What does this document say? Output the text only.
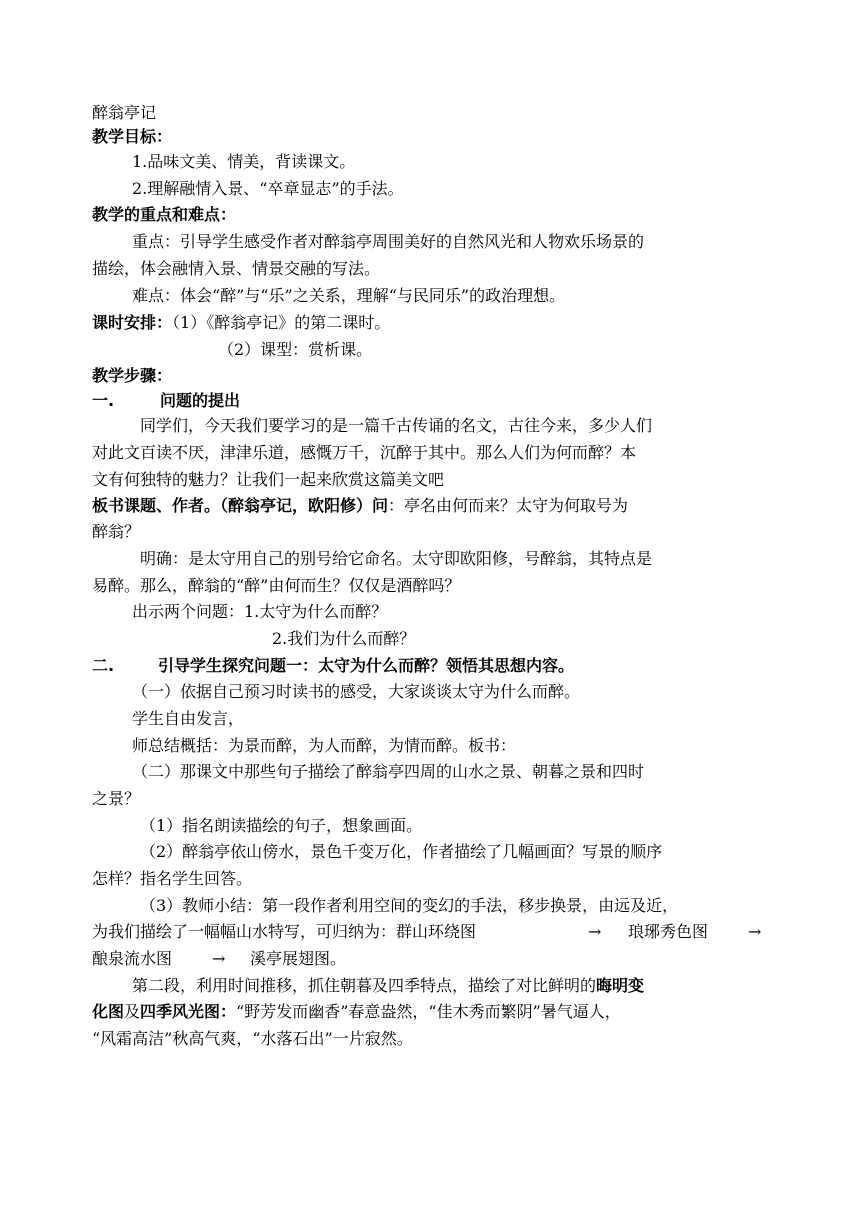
醉翁亭记
教学目标：
1.品味文美、情美，背读课文。
2.理解融情入景、“卒章显志”的手法。
教学的重点和难点：
重点：引导学生感受作者对醉翁亭周围美好的自然风光和人物欢乐场景的
描绘，体会融情入景、情景交融的写法。
难点：体会“醉”与“乐”之关系，理解“与民同乐”的政治理想。
课时安排：（1）《醉翁亭记》的第二课时。
（2）课型：赏析课。
教学步骤：
一.	问题的提出
同学们，今天我们要学习的是一篇千古传诵的名文，古往今来，多少人们
对此文百读不厌，津津乐道，感慨万千，沉醉于其中。那么人们为何而醉？本
文有何独特的魅力？让我们一起来欣赏这篇美文吧
板书课题、作者。（醉翁亭记，欧阳修）问：亭名由何而来？太守为何取号为
醉翁？
明确：是太守用自己的别号给它命名。太守即欧阳修，号醉翁，其特点是
易醉。那么，醉翁的“醉”由何而生？仅仅是酒醉吗？
出示两个问题：1.太守为什么而醉？
2.我们为什么而醉？
二.	引导学生探究问题一：太守为什么而醉？领悟其思想内容。
（一）依据自己预习时读书的感受，大家谈谈太守为什么而醉。
学生自由发言，
师总结概括：为景而醉，为人而醉，为情而醉。板书：
（二）那课文中那些句子描绘了醉翁亭四周的山水之景、朝暮之景和四时
之景？
（1）指名朗读描绘的句子，想象画面。
（2）醉翁亭依山傍水，景色千变万化，作者描绘了几幅画面？写景的顺序
怎样？指名学生回答。
（3）教师小结：第一段作者利用空间的变幻的手法，移步换景，由远及近，
为我们描绘了一幅幅山水特写，可归纳为：群山环绕图	→ 琅琊秀色图 →
酿泉流水图 → 溪亭展翅图。
第二段，利用时间推移，抓住朝暮及四季特点，描绘了对比鲜明的晦明变
化图及四季风光图：“野芳发而幽香”春意盎然，“佳木秀而繁阴”暑气逼人，
“风霜高洁”秋高气爽，“水落石出”一片寂然。
